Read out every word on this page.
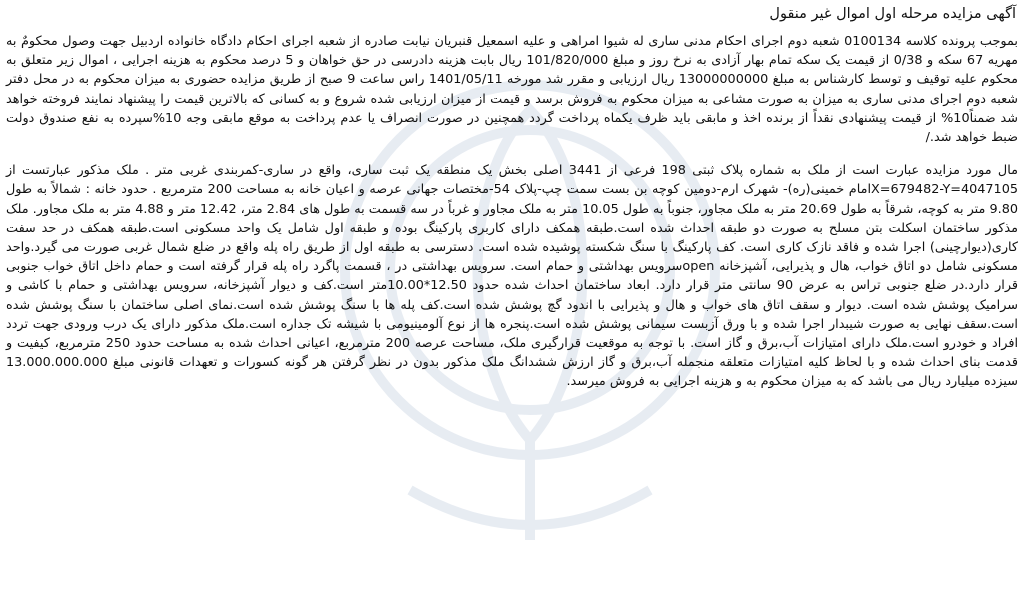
آگهی مزایده مرحله اول اموال غیر منقول

بموجب پرونده کلاسه 0100134 شعبه دوم اجرای احکام مدنی ساری له شیوا امراهی و علیه اسمعیل قنبریان نیابت صادره از شعبه اجرای احکام دادگاه خانواده اردبیل جهت وصول محکومٌ به مهریه 67 سکه و 0/38 از قیمت یک سکه تمام بهار آزادی به نرخ روز و مبلغ 101/820/000 ریال بابت هزینه دادرسی در حق خواهان و 5 درصد محکوم به هزینه اجرایی ، اموال زیر متعلق به محکوم علیه توقیف و توسط کارشناس به مبلغ 13000000000 ریال ارزیابی و مقرر شد مورخه 1401/05/11 راس ساعت 9 صبح از طریق مزایده حضوری به میزان محکوم به در محل دفتر شعبه دوم اجرای مدنی ساری به میزان به صورت مشاعی به میزان محکوم به فروش برسد و قیمت از میزان ارزیابی شده شروع و به کسانی که بالاترین قیمت را پیشنهاد نمایند فروخته خواهد شد ضمناً10% از قیمت پیشنهادی نقداً از برنده اخذ و مابقی باید ظرف یکماه پرداخت گردد همچنین در صورت انصراف یا عدم پرداخت به موقع مابقی وجه 10%سپرده به نفع صندوق دولت ضبط خواهد شد./

مال مورد مزایده عبارت است از ملک به شماره پلاک ثبتی 198 فرعی از 3441 اصلی بخش یک منطقه یک ثبت ساری، واقع در ساری-کمربندی غربی متر . ملک مذکور عبارتست از X=679482-Y=4047105امام خمینی(ره)- شهرک ارم-دومین کوچه بن بست سمت چپ-پلاک 54-مختصات جهانی عرصه و اعیان خانه به مساحت 200 مترمربع . حدود خانه : شمالاً به طول 9.80 متر به کوچه، شرقاً به طول 20.69 متر به ملک مجاور، جنوباً به طول 10.05 متر به ملک مجاور و غرباً در سه قسمت به طول های 2.84 متر، 12.42 متر و 4.88 متر به ملک مجاور. ملک مذکور ساختمان اسکلت بتن مسلح به صورت دو طبقه احداث شده است.طبقه همکف دارای کاربری پارکینگ بوده و طبقه اول شامل یک واحد مسکونی است.طبقه همکف در حد سفت کاری(دیوارچینی) اجرا شده و فاقد نازک کاری است. کف پارکینگ با سنگ شکسته پوشیده شده است. دسترسی به طبقه اول از طریق راه پله واقع در ضلع شمال غربی صورت می گیرد.واحد مسکونی شامل دو اتاق خواب، هال و پذیرایی، آشپزخانه openسرویس بهداشتی و حمام است. سرویس بهداشتی در ، قسمت پاگرد راه پله قرار گرفته است و حمام داخل اتاق خواب جنوبی قرار دارد.در ضلع جنوبی تراس به عرض 90 سانتی متر قرار دارد. ابعاد ساختمان احداث شده حدود 12.50*10.00متر است.کف و دیوار آشپزخانه، سرویس بهداشتی و حمام با کاشی و سرامیک پوشش شده است. دیوار و سقف اتاق های خواب و هال و پذیرایی با اندود گچ پوشش شده است.کف پله ها با سنگ پوشش شده است.نمای اصلی ساختمان با سنگ پوشش شده است.سقف نهایی به صورت شیبدار اجرا شده و با ورق آزبست سیمانی پوشش شده است.پنجره ها از نوع آلومینیومی با شیشه تک جداره است.ملک مذکور دارای یک درب ورودی جهت تردد افراد و خودرو است.ملک دارای امتیازات آب،برق و گاز است. با توجه به موقعیت قرارگیری ملک، مساحت عرصه 200 مترمربع، اعیانی احداث شده به مساحت حدود 250 مترمربع، کیفیت و قدمت بنای احداث شده و با لحاظ کلیه امتیازات متعلقه منجمله آب،برق و گاز ارزش ششدانگ ملک مذکور بدون در نظر گرفتن هر گونه کسورات و تعهدات قانونی مبلغ 13.000.000.000 سیزده میلیارد ریال می باشد که به میزان محکوم به و هزینه اجرایی به فروش میرسد.
